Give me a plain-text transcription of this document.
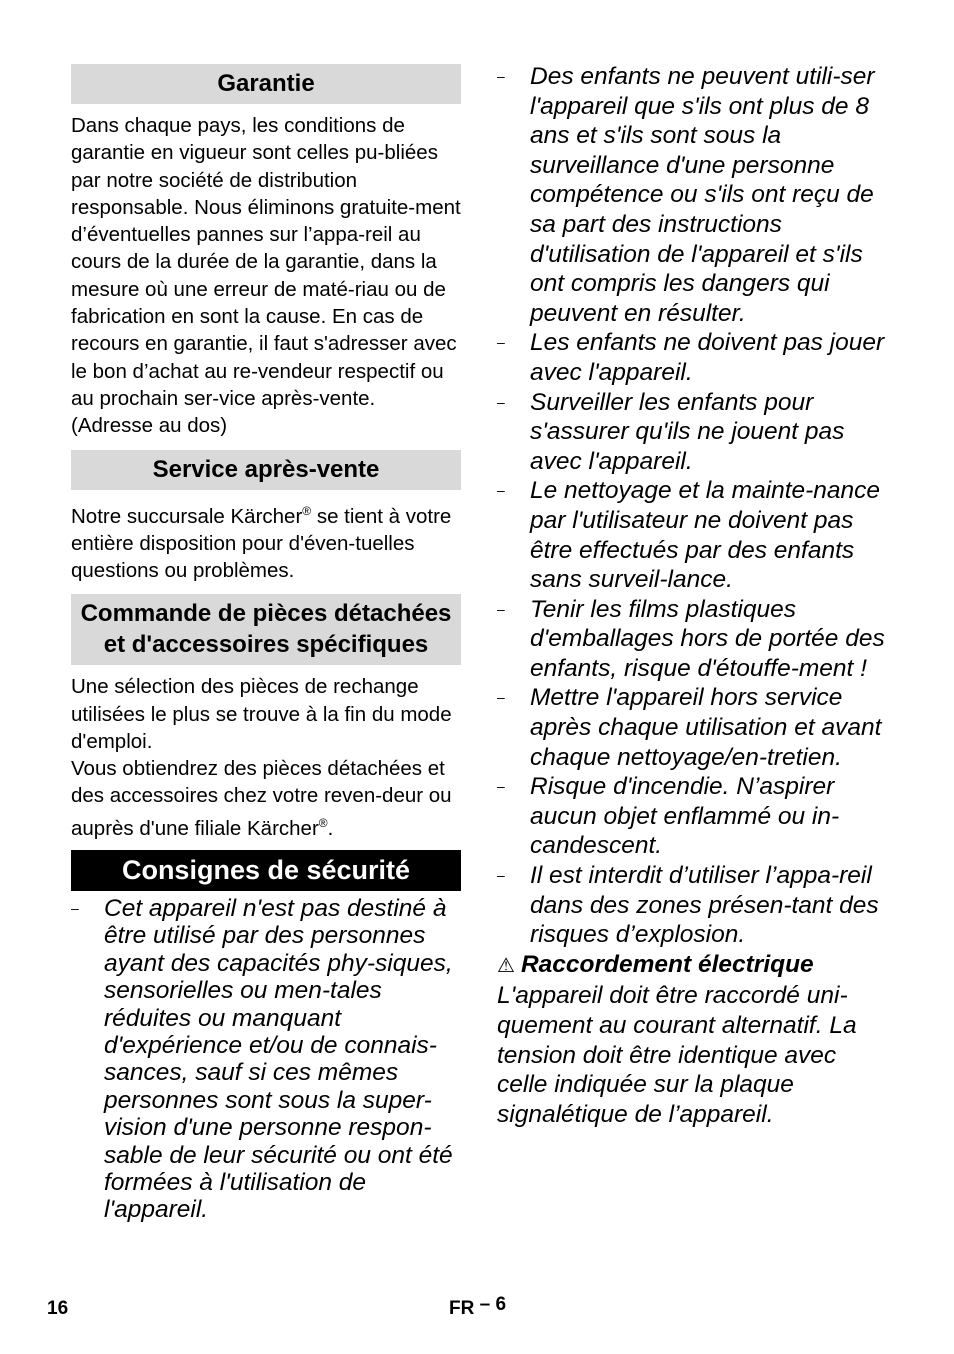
Garantie
Dans chaque pays, les conditions de garantie en vigueur sont celles pu-bliées par notre société de distribution responsable. Nous éliminons gratuite-ment d’éventuelles pannes sur l’appa-reil au cours de la durée de la garantie, dans la mesure où une erreur de maté-riau ou de fabrication en sont la cause. En cas de recours en garantie, il faut s'adresser avec le bon d’achat au re-vendeur respectif ou au prochain ser-vice après-vente.
(Adresse au dos)
Service après-vente
Notre succursale Kärcher® se tient à votre entière disposition pour d'éven-tuelles questions ou problèmes.
Commande de pièces détachées et d'accessoires spécifiques
Une sélection des pièces de rechange utilisées le plus se trouve à la fin du mode d'emploi.
Vous obtiendrez des pièces détachées et des accessoires chez votre reven-deur ou auprès d'une filiale Kärcher®.
Consignes de sécurité
– Cet appareil n'est pas destiné à être utilisé par des personnes ayant des capacités phy-siques, sensorielles ou men-tales réduites ou manquant d'expérience et/ou de connais-sances, sauf si ces mêmes personnes sont sous la super-vision d'une personne respon-sable de leur sécurité ou ont été formées à l'utilisation de l'appareil.
– Des enfants ne peuvent utili-ser l'appareil que s'ils ont plus de 8 ans et s'ils sont sous la surveillance d'une personne compétence ou s'ils ont reçu de sa part des instructions d'utilisation de l'appareil et s'ils ont compris les dangers qui peuvent en résulter.
– Les enfants ne doivent pas jouer avec l'appareil.
– Surveiller les enfants pour s'assurer qu'ils ne jouent pas avec l'appareil.
– Le nettoyage et la mainte-nance par l'utilisateur ne doivent pas être effectués par des enfants sans surveil-lance.
– Tenir les films plastiques d'emballages hors de portée des enfants, risque d'étouffe-ment !
– Mettre l'appareil hors service après chaque utilisation et avant chaque nettoyage/en-tretien.
– Risque d'incendie. N’aspirer aucun objet enflammé ou in-candescent.
– Il est interdit d’utiliser l’appa-reil dans des zones présen-tant des risques d’explosion.
⚠ Raccordement électrique
L'appareil doit être raccordé uni-quement au courant alternatif. La tension doit être identique avec celle indiquée sur la plaque signalétique de l’appareil.
16	FR – 6
